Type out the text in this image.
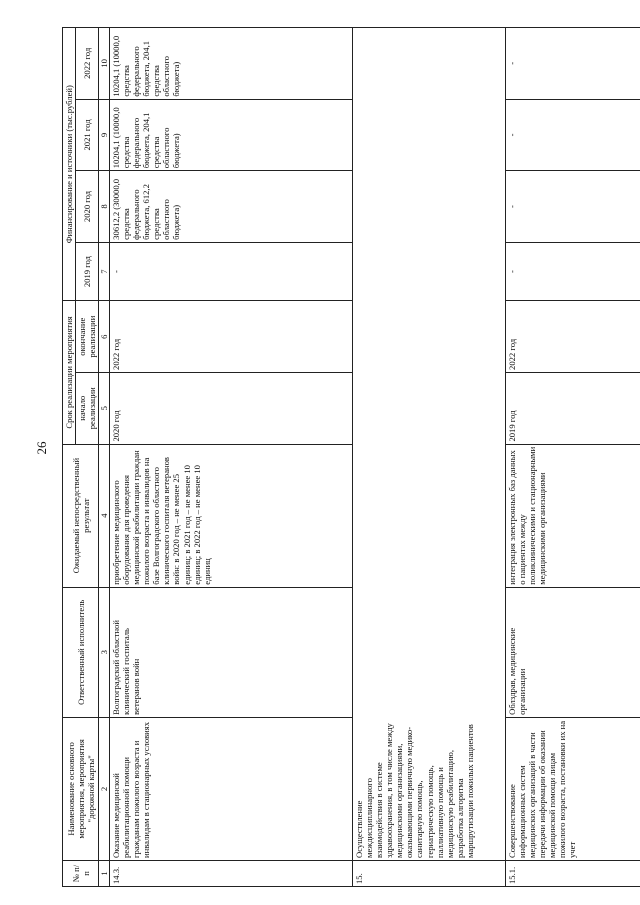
26
№ п/п	Наименование основного мероприятия, мероприятия "дорожной карты"	Ответственный исполнитель	Ожидаемый непосредственный результат	Срок реализации мероприятия		Финансирование и источники (тыс.рублей)			
				начало реализации	окончание реализации	2019 год	2020 год	2021 год	2022 год
1	2	3	4	5	6	7	8	9	10
14.3.	Оказание медицинской реабилитационной помощи гражданам пожилого возраста и инвалидам в стационарных условиях	Волгоградский областной клинический госпиталь ветеранов войн	приобретение медицинского оборудования для проведения медицинской реабилитации граждан пожилого возраста и инвалидов на базе Волгоградского областного клинического госпиталя ветеранов войн: в 2020 год – не менее 25 единиц; в 2021 год – не менее 10 единиц; в 2022 год – не менее 10 единиц	2020 год	2022 год	-	30612,2 (30000,0 средства федерального бюджета, 612,2 средства областного бюджета)	10204,1 (10000,0 средства федерального бюджета, 204,1 средства областного бюджета)	10204,1 (10000,0 средства федерального бюджета, 204,1 средства областного бюджета)
15.	Осуществление междисциплинарного взаимодействия в системе здравоохранения, в том числе между медицинскими организациями, оказывающими первичную медико-санитарную помощь, гериатрическую помощь, паллиативную помощь и медицинскую реабилитацию, разработка алгоритма маршрутизации пожилых пациентов								
15.1.	Совершенствование информационных систем медицинских организаций в части передачи информации об оказании медицинской помощи лицам пожилого возраста, постановки их на учет	Облздрав, медицинские организации	интеграция электронных баз данных о пациентах между поликлиническими и стационарными медицинскими организациями	2019 год	2022 год	-	-	-	-
